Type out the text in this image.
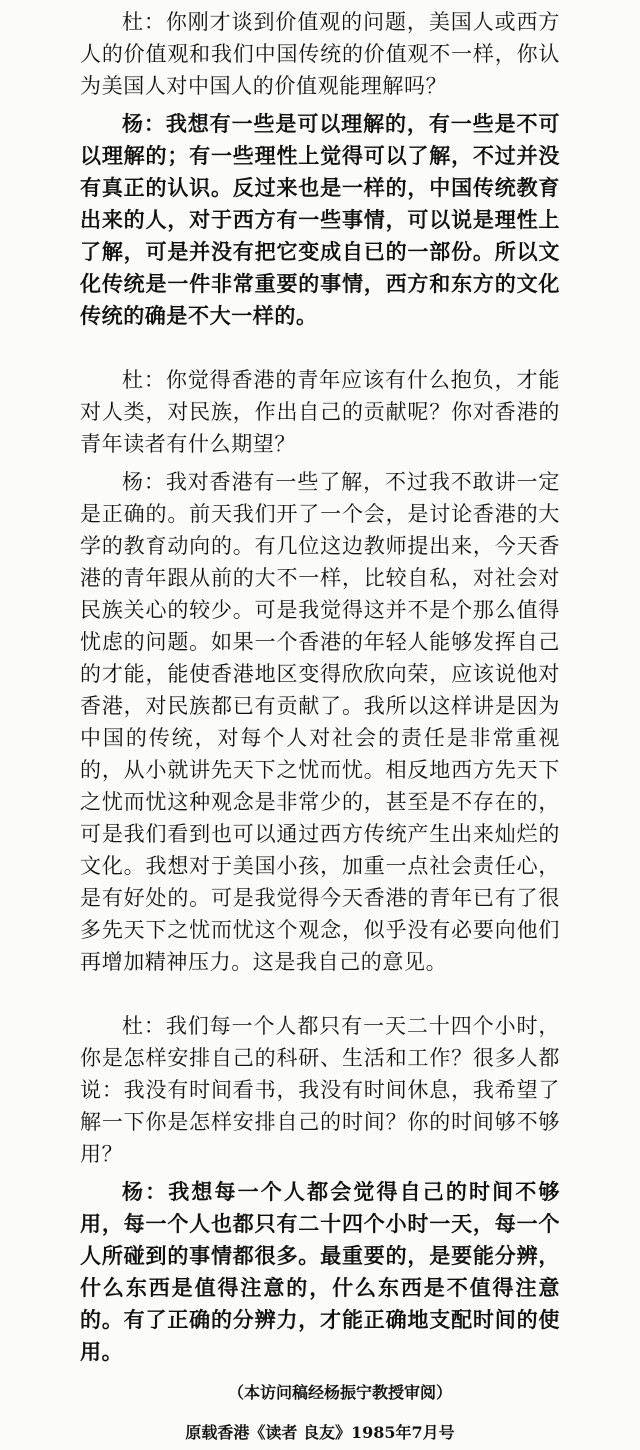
杜：你刚才谈到价值观的问题，美国人或西方人的价值观和我们中国传统的价值观不一样，你认为美国人对中国人的价值观能理解吗？

杨：我想有一些是可以理解的，有一些是不可以理解的；有一些理性上觉得可以了解，不过并没有真正的认识。反过来也是一样的，中国传统教育出来的人，对于西方有一些事情，可以说是理性上了解，可是并没有把它变成自已的一部份。所以文化传统是一件非常重要的事情，西方和东方的文化传统的确是不大一样的。

杜：你觉得香港的青年应该有什么抱负，才能对人类，对民族，作出自己的贡献呢？你对香港的青年读者有什么期望？

杨：我对香港有一些了解，不过我不敢讲一定是正确的。前天我们开了一个会，是讨论香港的大学的教育动向的。有几位这边教师提出来，今天香港的青年跟从前的大不一样，比较自私，对社会对民族关心的较少。可是我觉得这并不是个那么值得忧虑的问题。如果一个香港的年轻人能够发挥自己的才能，能使香港地区变得欣欣向荣，应该说他对香港，对民族都已有贡献了。我所以这样讲是因为中国的传统，对每个人对社会的责任是非常重视的，从小就讲先天下之忧而忧。相反地西方先天下之忧而忧这种观念是非常少的，甚至是不存在的，可是我们看到也可以通过西方传统产生出来灿烂的文化。我想对于美国小孩，加重一点社会责任心，是有好处的。可是我觉得今天香港的青年已有了很多先天下之忧而忧这个观念，似乎没有必要向他们再增加精神压力。这是我自己的意见。

杜：我们每一个人都只有一天二十四个小时，你是怎样安排自己的科研、生活和工作？很多人都说：我没有时间看书，我没有时间休息，我希望了解一下你是怎样安排自己的时间？你的时间够不够用？

杨：我想每一个人都会觉得自己的时间不够用，每一个人也都只有二十四个小时一天，每一个人所碰到的事情都很多。最重要的，是要能分辨，什么东西是值得注意的，什么东西是不值得注意的。有了正确的分辨力，才能正确地支配时间的使用。

（本访问稿经杨振宁教授审阅）
原载香港《读者 良友》1985年7月号
